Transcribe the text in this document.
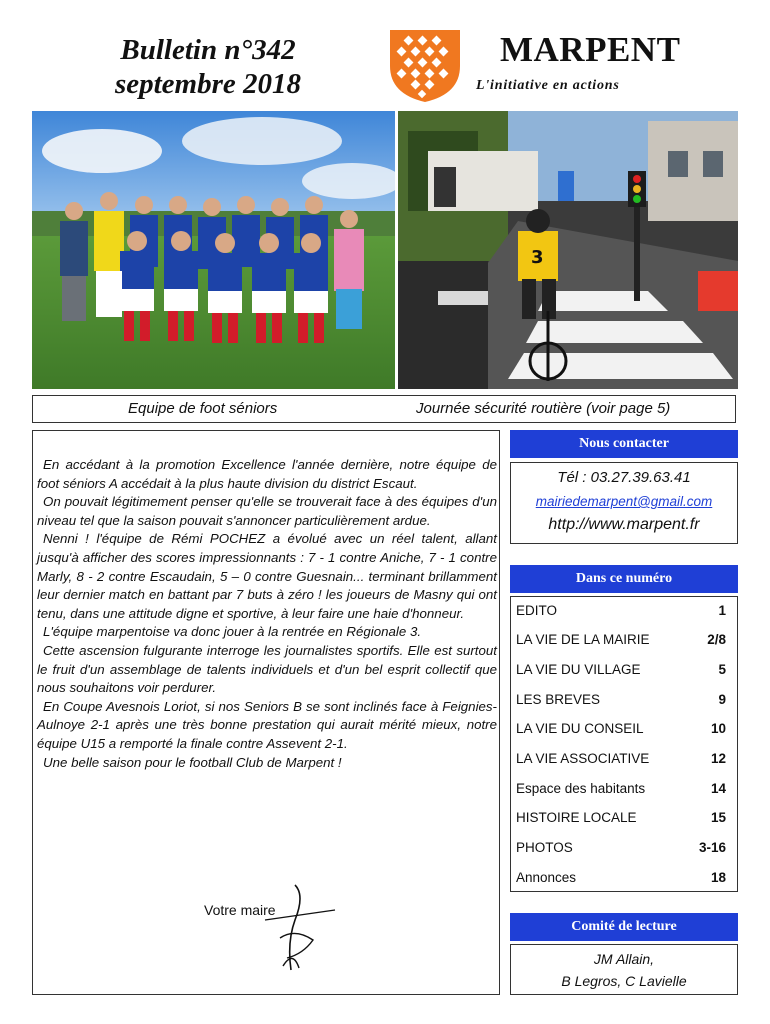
Bulletin n°342
septembre 2018
MARPENT
L'initiative en actions
3
Equipe de foot séniors	Journée sécurité routière (voir page 5)

En accédant à la promotion Excellence l'année dernière, notre équipe de foot séniors A accédait à la plus haute division du district Escaut.

On pouvait légitimement penser qu'elle se trouverait face à des équipes d'un niveau tel que la saison pouvait s'annoncer particulièrement ardue.

Nenni ! l'équipe de Rémi POCHEZ a évolué avec un réel talent, allant jusqu'à afficher des scores impressionnants : 7 - 1 contre Aniche, 7 - 1 contre Marly, 8 - 2 contre Escaudain, 5 – 0 contre Guesnain... terminant brillamment leur dernier match en battant par 7 buts à zéro ! les joueurs de Masny qui ont tenu, dans une attitude digne et sportive, à leur faire une haie d'honneur.

L'équipe marpentoise va donc jouer à la rentrée en Régionale 3.

Cette ascension fulgurante interroge les journalistes sportifs. Elle est surtout le fruit d'un assemblage de talents individuels et d'un bel esprit collectif que nous souhaitons voir perdurer.

En Coupe Avesnois Loriot, si nos Seniors B se sont inclinés face à Feignies-Aulnoye 2-1 après une très bonne prestation qui aurait mérité mieux, notre équipe U15 a remporté la finale contre Assevent 2-1.

Une belle saison pour le football Club de Marpent !

Votre maire
Nous contacter
Tél : 03.27.39.63.41
mairiedemarpent@gmail.com
http://www.marpent.fr
Dans ce numéro
EDITO	1
LA VIE DE LA MAIRIE	2/8
LA VIE DU VILLAGE	5
LES BREVES	9
LA VIE DU CONSEIL	10
LA VIE ASSOCIATIVE	12
Espace des habitants	14
HISTOIRE LOCALE	15
PHOTOS	3-16
Annonces	18
Comité de lecture
JM Allain,
B Legros, C Lavielle
